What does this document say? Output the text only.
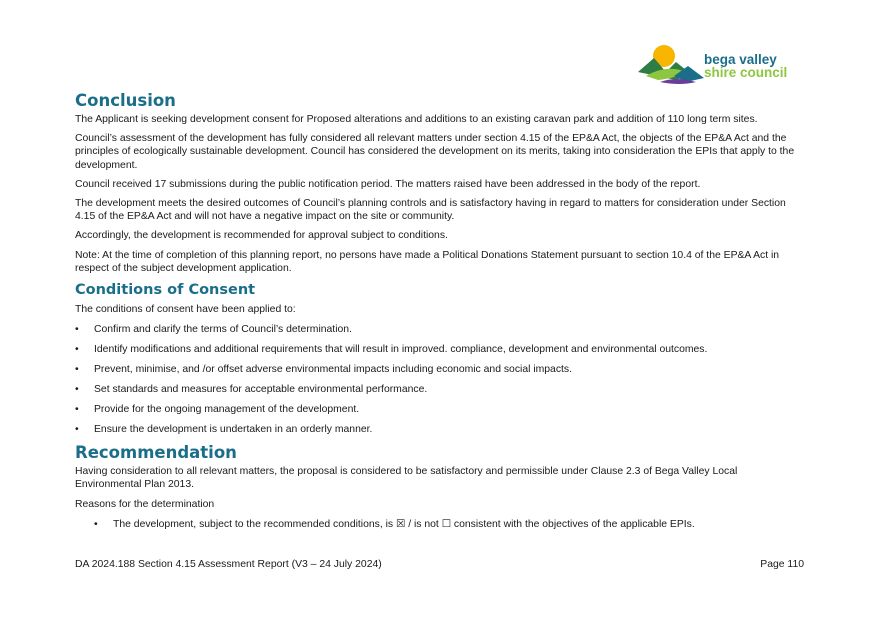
bega valley
shire council
Conclusion

The Applicant is seeking development consent for Proposed alterations and additions to an existing caravan park and addition of 110 long term sites.

Council’s assessment of the development has fully considered all relevant matters under section 4.15 of the EP&A Act, the objects of the EP&A Act and the principles of ecologically sustainable development. Council has considered the development on its merits, taking into consideration the EPIs that apply to the development.

Council received 17 submissions during the public notification period. The matters raised have been addressed in the body of the report.

The development meets the desired outcomes of Council’s planning controls and is satisfactory having in regard to matters for consideration under Section 4.15 of the EP&A Act and will not have a negative impact on the site or community.

Accordingly, the development is recommended for approval subject to conditions.

Note: At the time of completion of this planning report, no persons have made a Political Donations Statement pursuant to section 10.4 of the EP&A Act in respect of the subject development application.

Conditions of Consent

The conditions of consent have been applied to:

• Confirm and clarify the terms of Council’s determination.
• Identify modifications and additional requirements that will result in improved. compliance, development and environmental outcomes.
• Prevent, minimise, and /or offset adverse environmental impacts including economic and social impacts.
• Set standards and measures for acceptable environmental performance.
• Provide for the ongoing management of the development.
• Ensure the development is undertaken in an orderly manner.
Recommendation

Having consideration to all relevant matters, the proposal is considered to be satisfactory and permissible under Clause 2.3 of Bega Valley Local Environmental Plan 2013.

Reasons for the determination

• The development, subject to the recommended conditions, is ☒ / is not ☐ consistent with the objectives of the applicable EPIs.
DA 2024.188 Section 4.15 Assessment Report (V3 – 24 July 2024)	Page 110
